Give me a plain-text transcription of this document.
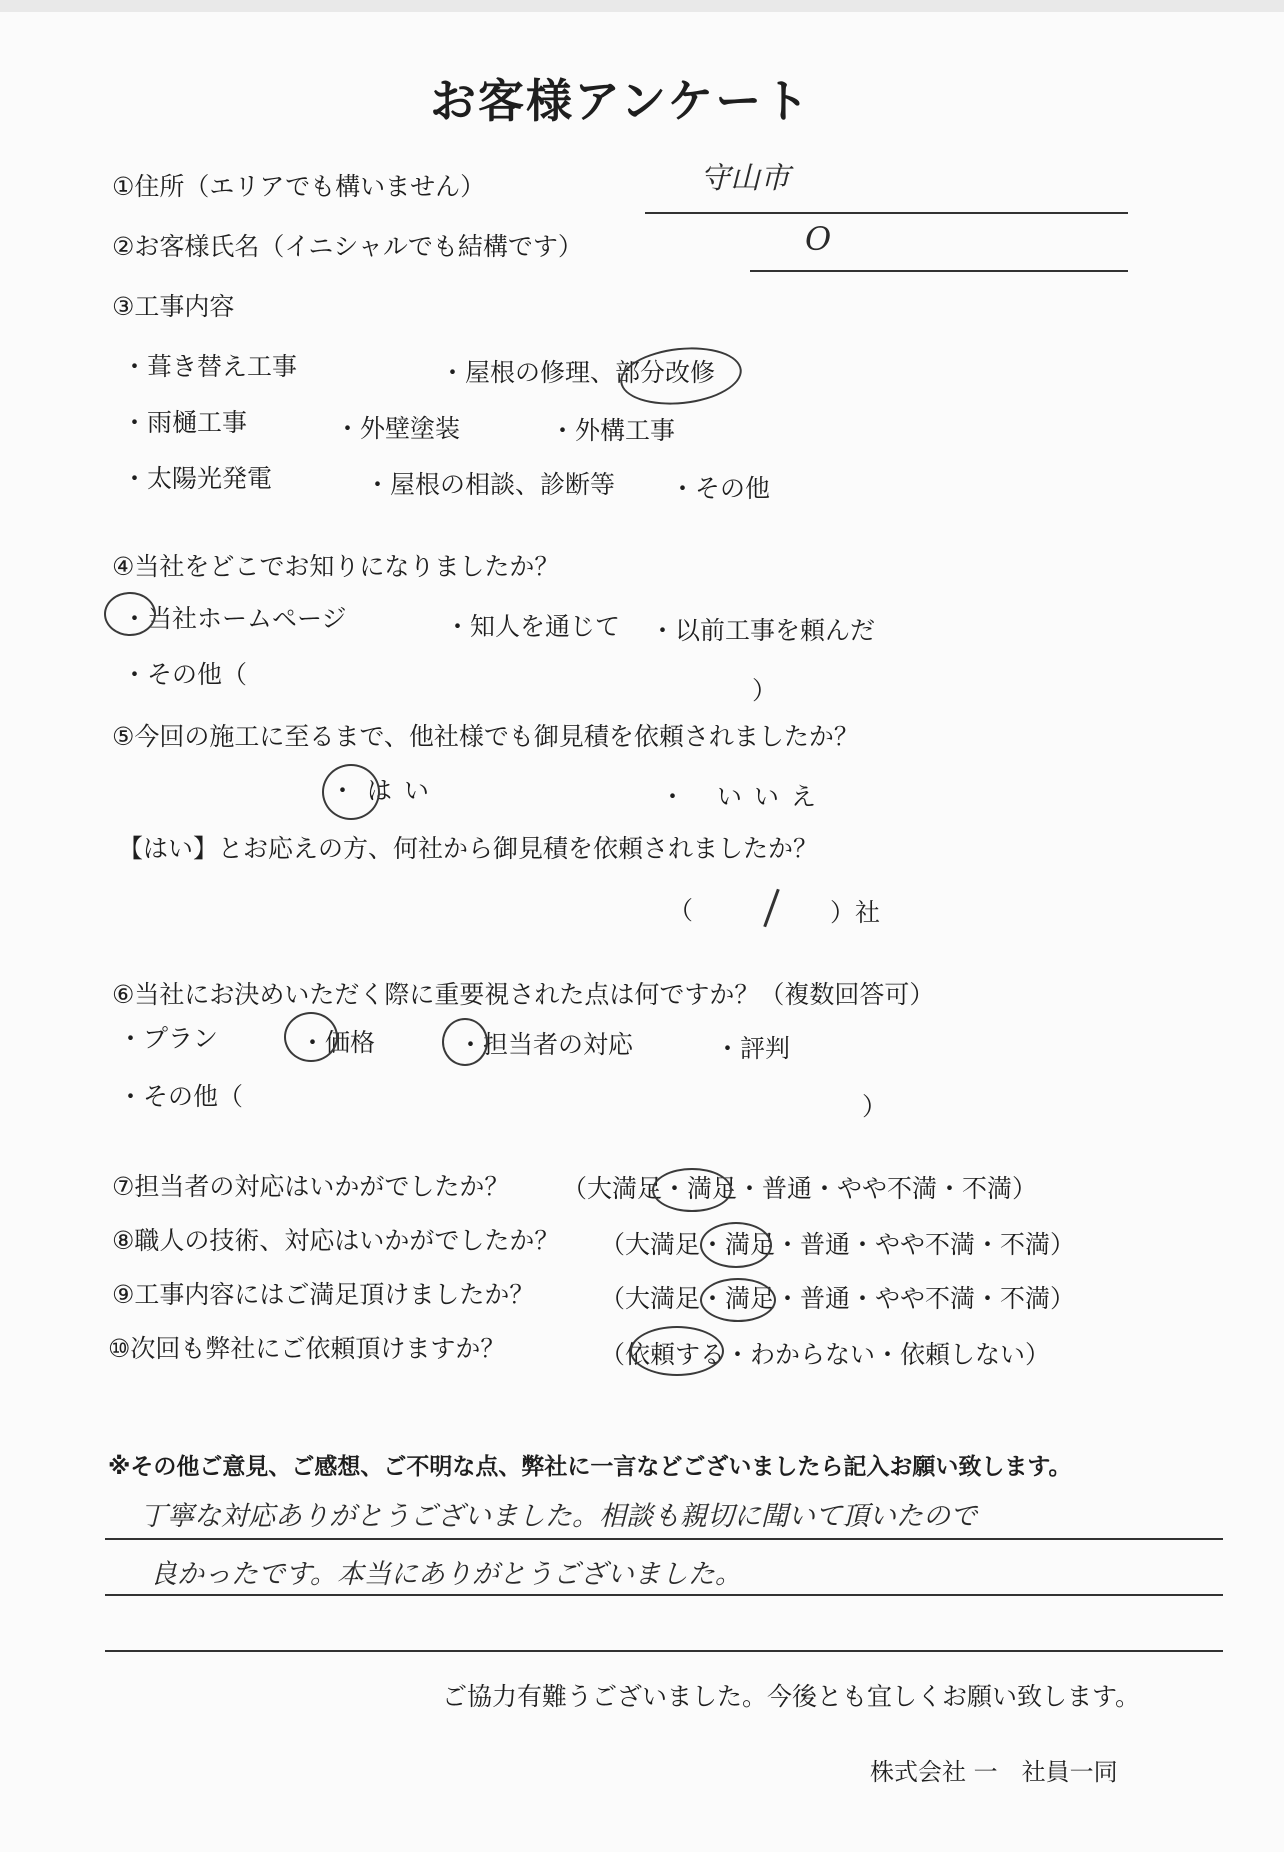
お客様アンケート
①住所（エリアでも構いません）	守山市
②お客様氏名（イニシャルでも結構です）	O
③工事内容
・葺き替え工事	・屋根の修理、部分改修
・雨樋工事	・外壁塗装	・外構工事
・太陽光発電	・屋根の相談、診断等 ・その他
④当社をどこでお知りになりましたか？
・当社ホームページ	・知人を通じて ・以前工事を頼んだ
・その他（
）
⑤今回の施工に至るまで、他社様でも御見積を依頼されましたか？
・はい	・ いいえ
【はい】とお応えの方、何社から御見積を依頼されましたか？
（	）社
⑥当社にお決めいただく際に重要視された点は何ですか？（複数回答可）
・プラン	・価格	・担当者の対応	・評判
・その他（	）
⑦担当者の対応はいかがでしたか？ （大満足・満足・普通・やや不満・不満）
⑧職人の技術、対応はいかがでしたか？ （大満足・満足・普通・やや不満・不満）
⑨工事内容にはご満足頂けましたか？	（大満足・満足・普通・やや不満・不満）
⑩次回も弊社にご依頼頂けますか？	（依頼する・わからない・依頼しない）
※その他ご意見、ご感想、ご不明な点、弊社に一言などございましたら記入お願い致します。
丁寧な対応ありがとうございました。相談も親切に聞いて頂いたので
良かったです。本当にありがとうございました。
ご協力有難うございました。今後とも宜しくお願い致します。
株式会社 一　社員一同
